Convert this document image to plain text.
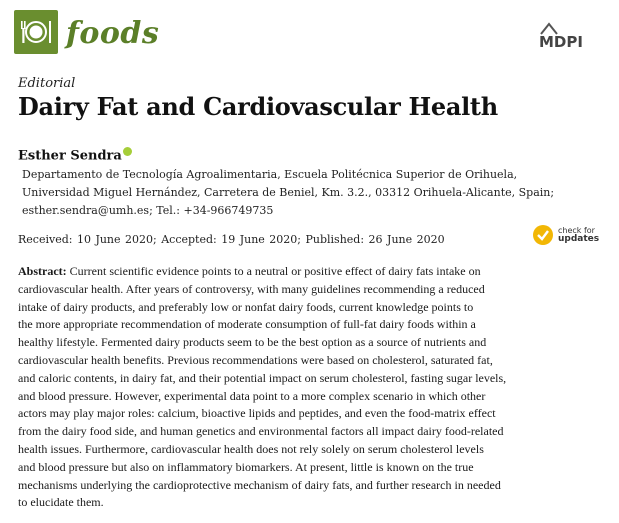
foods	MDPI
Editorial
Dairy Fat and Cardiovascular Health
Esther Sendra
Departamento de Tecnología Agroalimentaria, Escuela Politécnica Superior de Orihuela,
Universidad Miguel Hernández, Carretera de Beniel, Km. 3.2., 03312 Orihuela-Alicante, Spain;
esther.sendra@umh.es; Tel.: +34-966749735
Received: 10 June 2020; Accepted: 19 June 2020; Published: 26 June 2020
check for
updates
Abstract: Current scientific evidence points to a neutral or positive effect of dairy fats intake on
cardiovascular health. After years of controversy, with many guidelines recommending a reduced
intake of dairy products, and preferably low or nonfat dairy foods, current knowledge points to
the more appropriate recommendation of moderate consumption of full-fat dairy foods within a
healthy lifestyle. Fermented dairy products seem to be the best option as a source of nutrients and
cardiovascular health benefits. Previous recommendations were based on cholesterol, saturated fat,
and caloric contents, in dairy fat, and their potential impact on serum cholesterol, fasting sugar levels,
and blood pressure. However, experimental data point to a more complex scenario in which other
actors may play major roles: calcium, bioactive lipids and peptides, and even the food-matrix effect
from the dairy food side, and human genetics and environmental factors all impact dairy food-related
health issues. Furthermore, cardiovascular health does not rely solely on serum cholesterol levels
and blood pressure but also on inflammatory biomarkers. At present, little is known on the true
mechanisms underlying the cardioprotective mechanism of dairy fats, and further research in needed
to elucidate them.
